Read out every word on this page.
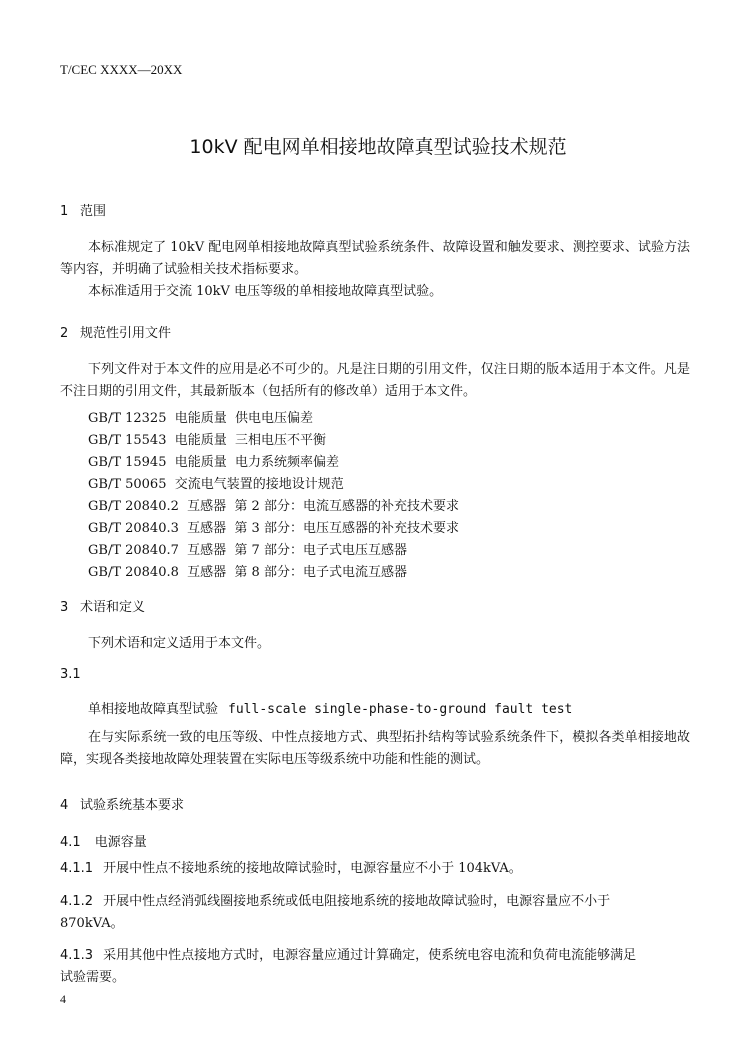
T/CEC XXXX—20XX
10kV 配电网单相接地故障真型试验技术规范
1 范围
本标准规定了 10kV 配电网单相接地故障真型试验系统条件、故障设置和触发要求、测控要求、试验方法等内容，并明确了试验相关技术指标要求。
本标准适用于交流 10kV 电压等级的单相接地故障真型试验。
2 规范性引用文件
下列文件对于本文件的应用是必不可少的。凡是注日期的引用文件，仅注日期的版本适用于本文件。凡是不注日期的引用文件，其最新版本（包括所有的修改单）适用于本文件。
GB/T 12325  电能质量  供电电压偏差
GB/T 15543  电能质量  三相电压不平衡
GB/T 15945  电能质量  电力系统频率偏差
GB/T 50065  交流电气装置的接地设计规范
GB/T 20840.2  互感器  第 2 部分：电流互感器的补充技术要求
GB/T 20840.3  互感器  第 3 部分：电压互感器的补充技术要求
GB/T 20840.7  互感器  第 7 部分：电子式电压互感器
GB/T 20840.8  互感器  第 8 部分：电子式电流互感器
3 术语和定义
下列术语和定义适用于本文件。
3.1
单相接地故障真型试验 full-scale single-phase-to-ground fault test
在与实际系统一致的电压等级、中性点接地方式、典型拓扑结构等试验系统条件下，模拟各类单相接地故障，实现各类接地故障处理装置在实际电压等级系统中功能和性能的测试。
4 试验系统基本要求
4.1 电源容量
4.1.1 开展中性点不接地系统的接地故障试验时，电源容量应不小于 104kVA。
4.1.2 开展中性点经消弧线圈接地系统或低电阻接地系统的接地故障试验时，电源容量应不小于
870kVA。
4.1.3 采用其他中性点接地方式时，电源容量应通过计算确定，使系统电容电流和负荷电流能够满足
试验需要。
4
